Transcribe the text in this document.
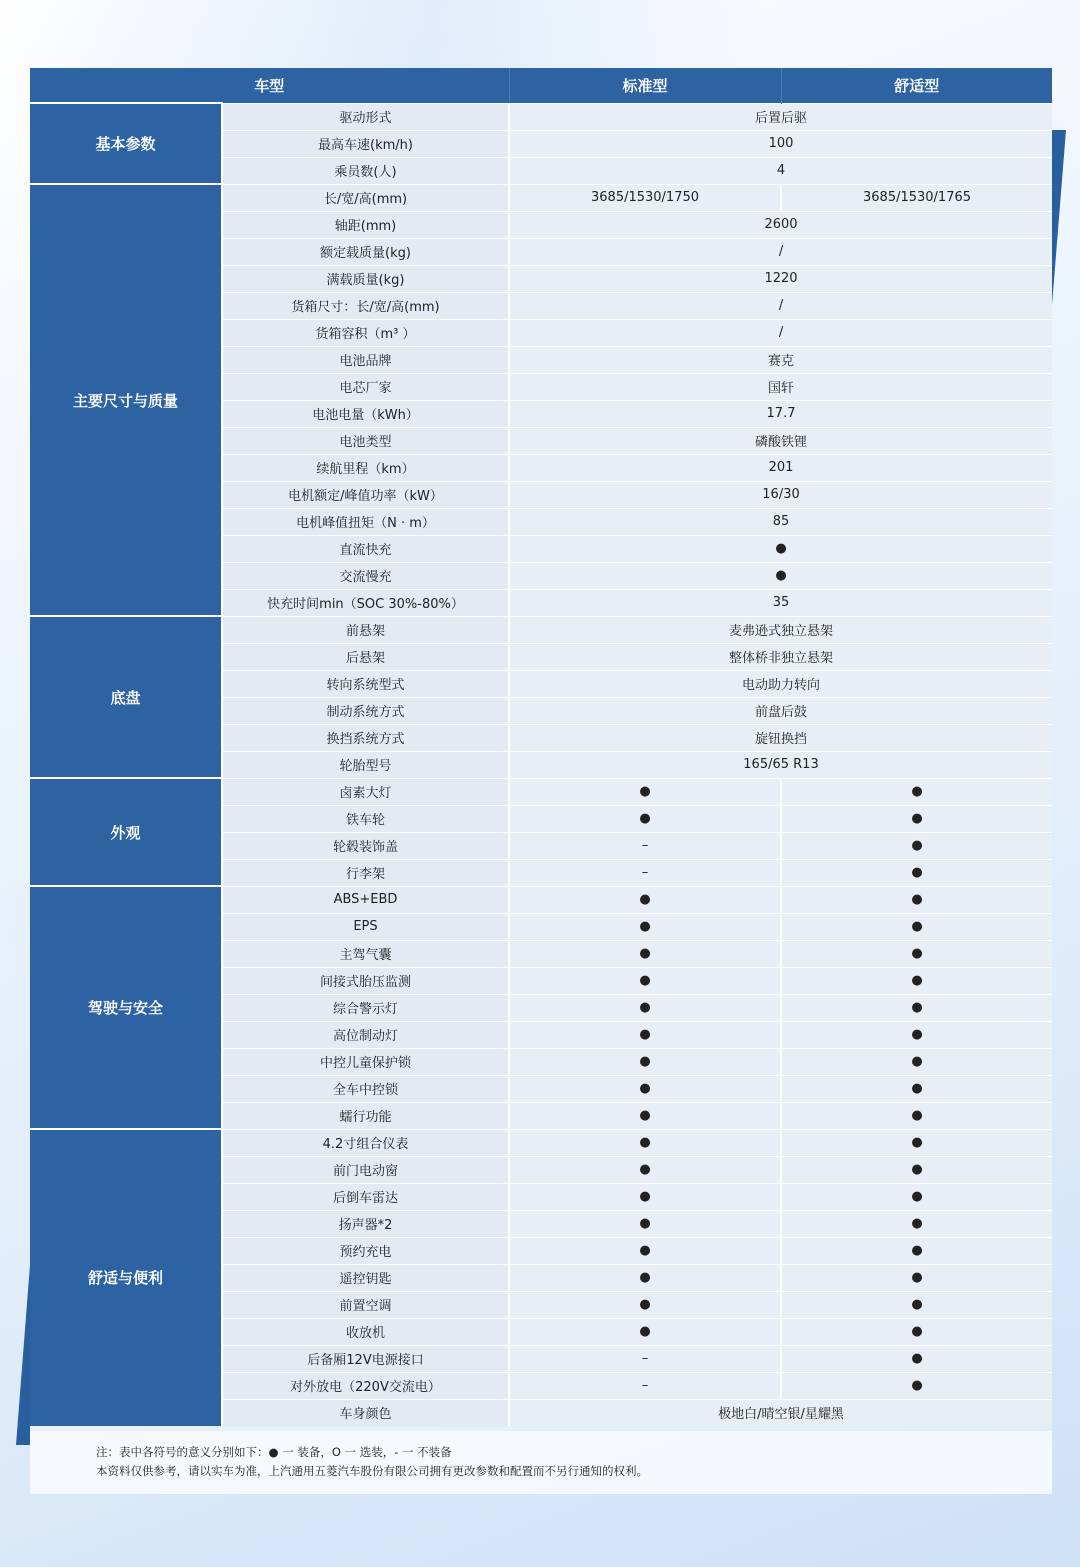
车型		标准型	舒适型
基本参数	驱动形式	后置后驱	
	最高车速(km/h)	100	
	乘员数(人)	4	
主要尺寸与质量	长/宽/高(mm)	3685/1530/1750	3685/1530/1765
	轴距(mm)	2600	
	额定载质量(kg)	/	
	满载质量(kg)	1220	
	货箱尺寸：长/宽/高(mm)	/	
	货箱容积（m³ ）	/	
	电池品牌	赛克	
	电芯厂家	国轩	
	电池电量（kWh）	17.7	
	电池类型	磷酸铁锂	
	续航里程（km）	201	
	电机额定/峰值功率（kW）	16/30	
	电机峰值扭矩（N · m）	85	
	直流快充	●	
	交流慢充	●	
	快充时间min（SOC 30%-80%）	35	
底盘	前悬架	麦弗逊式独立悬架	
	后悬架	整体桥非独立悬架	
	转向系统型式	电动助力转向	
	制动系统方式	前盘后鼓	
	换挡系统方式	旋钮换挡	
	轮胎型号	165/65 R13	
外观	卤素大灯	●	●
	铁车轮	●	●
	轮毂装饰盖	–	●
	行李架	–	●
驾驶与安全	ABS+EBD	●	●
	EPS	●	●
	主驾气囊	●	●
	间接式胎压监测	●	●
	综合警示灯	●	●
	高位制动灯	●	●
	中控儿童保护锁	●	●
	全车中控锁	●	●
	蠕行功能	●	●
舒适与便利	4.2寸组合仪表	●	●
	前门电动窗	●	●
	后倒车雷达	●	●
	扬声器*2	●	●
	预约充电	●	●
	遥控钥匙	●	●
	前置空调	●	●
	收放机	●	●
	后备厢12V电源接口	–	●
	对外放电（220V交流电）	–	●
	车身颜色	极地白/晴空银/星耀黑	

注：表中各符号的意义分别如下：● 一 装备，O 一 选装，- 一 不装备

本资料仅供参考，请以实车为准，上汽通用五菱汽车股份有限公司拥有更改参数和配置而不另行通知的权利。
